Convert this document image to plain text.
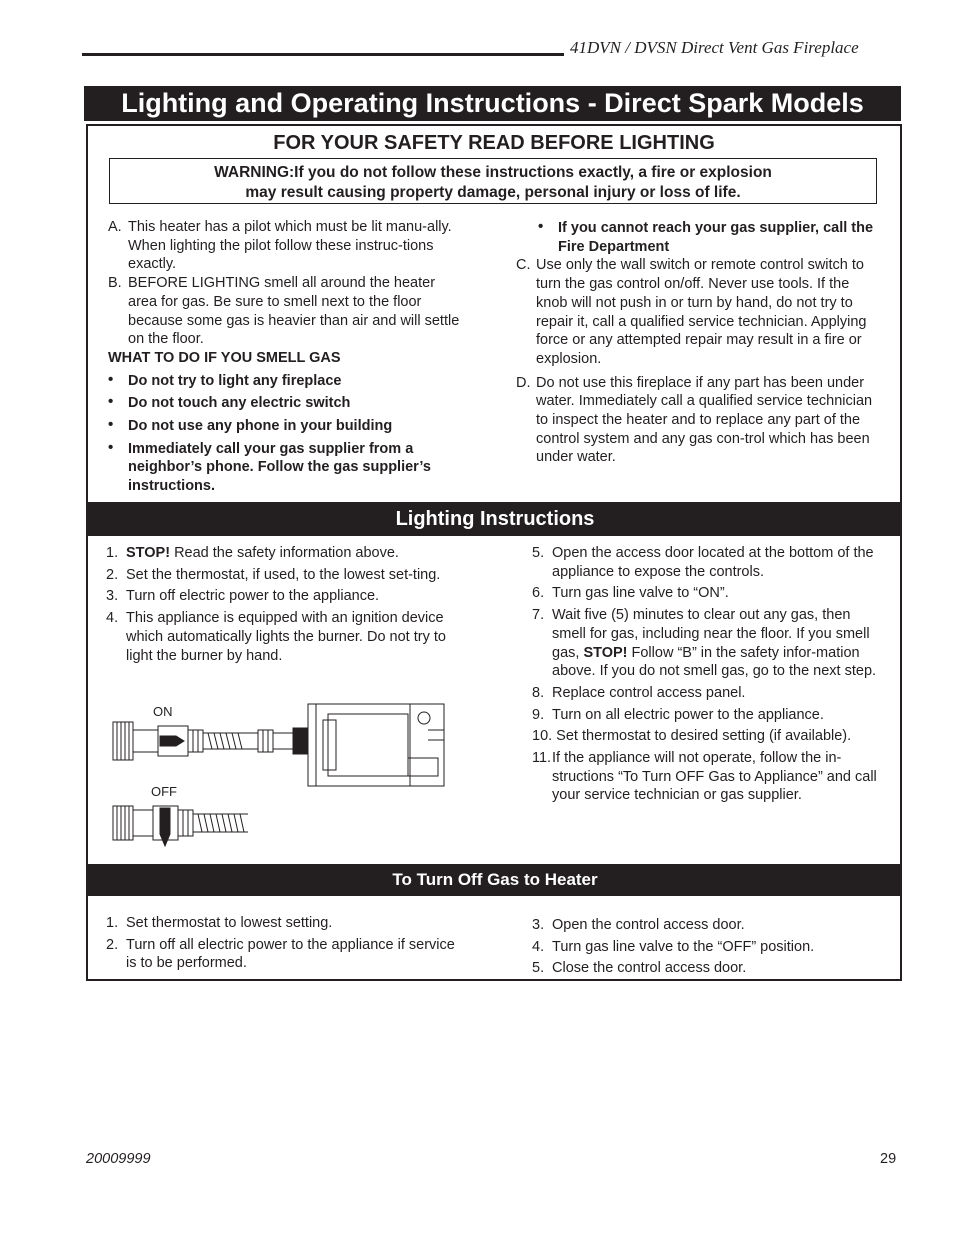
41DVN / DVSN Direct Vent Gas Fireplace
Lighting and Operating Instructions - Direct Spark Models
FOR YOUR SAFETY READ BEFORE LIGHTING
WARNING:If you do not follow these instructions exactly, a fire or explosion
may result causing property damage, personal injury or loss of life.
A. This heater has a pilot which must be lit manu-ally. When lighting the pilot follow these instruc-tions exactly.
B. BEFORE LIGHTING smell all around the heater area for gas. Be sure to smell next to the floor because some gas is heavier than air and will settle on the floor.
WHAT TO DO IF YOU SMELL GAS
• Do not try to light any fireplace
• Do not touch any electric switch
• Do not use any phone in your building
• Immediately call your gas supplier from a neighbor’s phone. Follow the gas supplier’s instructions.
• If you cannot reach your gas supplier, call the Fire Department
C. Use only the wall switch or remote control switch to turn the gas control on/off. Never use tools. If the knob will not push in or turn by hand, do not try to repair it, call a qualified service technician. Applying force or any attempted repair may result in a fire or explosion.
D. Do not use this fireplace if any part has been under water. Immediately call a qualified service technician to inspect the heater and to replace any part of the control system and any gas con-trol which has been under water.
Lighting Instructions
1. STOP! Read the safety information above.
2. Set the thermostat, if used, to the lowest set-ting.
3. Turn off electric power to the appliance.
4. This appliance is equipped with an ignition device which automatically lights the burner. Do not try to light the burner by hand.
ON
OFF
5. Open the access door located at the bottom of the appliance to expose the controls.
6. Turn gas line valve to “ON”.
7. Wait five (5) minutes to clear out any gas, then smell for gas, including near the floor. If you smell gas, STOP! Follow “B” in the safety infor-mation above. If you do not smell gas, go to the next step.
8. Replace control access panel.
9. Turn on all electric power to the appliance.
10. Set thermostat to desired setting (if available).
11. If the appliance will not operate, follow the in-structions “To Turn OFF Gas to Appliance” and call your service technician or gas supplier.
To Turn Off Gas to Heater
1. Set thermostat to lowest setting.
2. Turn off all electric power to the appliance if service is to be performed.
3. Open the control access door.
4. Turn gas line valve to the “OFF” position.
5. Close the control access door.
20009999	29
